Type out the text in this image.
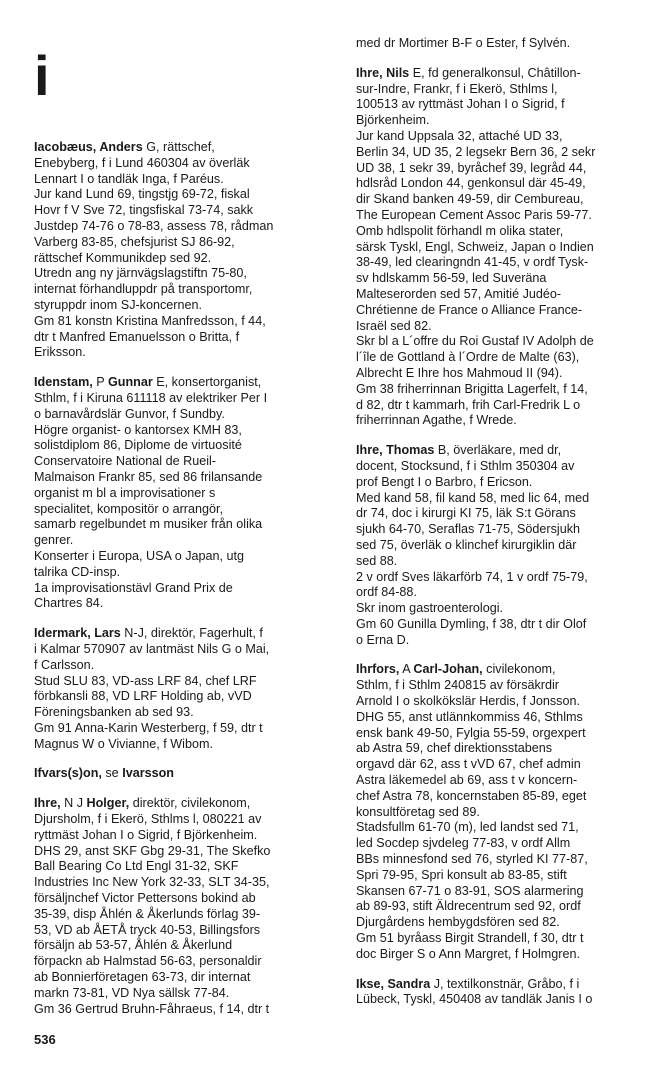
i
Iacobæus, Anders G, rättschef,
Enebyberg, f i Lund 460304 av överläk
Lennart I o tandläk Inga, f Paréus.
Jur kand Lund 69, tingstjg 69-72, fiskal
Hovr f V Sve 72, tingsfiskal 73-74, sakk
Justdep 74-76 o 78-83, assess 78, rådman
Varberg 83-85, chefsjurist SJ 86-92,
rättschef Kommunikdep sed 92.
Utredn ang ny järnvägslagstiftn 75-80,
internat förhandluppdr på transportomr,
styruppdr inom SJ-koncernen.
Gm 81 konstn Kristina Manfredsson, f 44,
dtr t Manfred Emanuelsson o Britta, f
Eriksson.
Idenstam, P Gunnar E, konsertorganist,
Sthlm, f i Kiruna 611118 av elektriker Per I
o barnavårdslär Gunvor, f Sundby.
Högre organist- o kantorsex KMH 83,
solistdiplom 86, Diplome de virtuosité
Conservatoire National de Rueil-
Malmaison Frankr 85, sed 86 frilansande
organist m bl a improvisationer s
specialitet, kompositör o arrangör,
samarb regelbundet m musiker från olika
genrer.
Konserter i Europa, USA o Japan, utg
talrika CD-insp.
1a improvisationstävl Grand Prix de
Chartres 84.
Idermark, Lars N-J, direktör, Fagerhult, f
i Kalmar 570907 av lantmäst Nils G o Mai,
f Carlsson.
Stud SLU 83, VD-ass LRF 84, chef LRF
förbkansli 88, VD LRF Holding ab, vVD
Föreningsbanken ab sed 93.
Gm 91 Anna-Karin Westerberg, f 59, dtr t
Magnus W o Vivianne, f Wibom.
Ifvars(s)on, se Ivarsson
Ihre, N J Holger, direktör, civilekonom,
Djursholm, f i Ekerö, Sthlms l, 080221 av
ryttmäst Johan I o Sigrid, f Björkenheim.
DHS 29, anst SKF Gbg 29-31, The Skefko
Ball Bearing Co Ltd Engl 31-32, SKF
Industries Inc New York 32-33, SLT 34-35,
försäljnchef Victor Pettersons bokind ab
35-39, disp Åhlén & Åkerlunds förlag 39-
53, VD ab ÅETÅ tryck 40-53, Billingsfors
försäljn ab 53-57, Åhlén & Åkerlund
förpackn ab Halmstad 56-63, personaldir
ab Bonnierföretagen 63-73, dir internat
markn 73-81, VD Nya sällsk 77-84.
Gm 36 Gertrud Bruhn-Fåhraeus, f 14, dtr t
med dr Mortimer B-F o Ester, f Sylvén.
Ihre, Nils E, fd generalkonsul, Châtillon-
sur-Indre, Frankr, f i Ekerö, Sthlms l,
100513 av ryttmäst Johan I o Sigrid, f
Björkenheim.
Jur kand Uppsala 32, attaché UD 33,
Berlin 34, UD 35, 2 legsekr Bern 36, 2 sekr
UD 38, 1 sekr 39, byråchef 39, legråd 44,
hdlsråd London 44, genkonsul där 45-49,
dir Skand banken 49-59, dir Cembureau,
The European Cement Assoc Paris 59-77.
Omb hdlspolit förhandl m olika stater,
särsk Tyskl, Engl, Schweiz, Japan o Indien
38-49, led clearingndn 41-45, v ordf Tysk-
sv hdlskamm 56-59, led Suveräna
Malteserorden sed 57, Amitié Judéo-
Chrétienne de France o Alliance France-
Israël sed 82.
Skr bl a L´offre du Roi Gustaf IV Adolph de
l´île de Gottland à l´Ordre de Malte (63),
Albrecht E Ihre hos Mahmoud II (94).
Gm 38 friherrinnan Brigitta Lagerfelt, f 14,
d 82, dtr t kammarh, frih Carl-Fredrik L o
friherrinnan Agathe, f Wrede.
Ihre, Thomas B, överläkare, med dr,
docent, Stocksund, f i Sthlm 350304 av
prof Bengt I o Barbro, f Ericson.
Med kand 58, fil kand 58, med lic 64, med
dr 74, doc i kirurgi KI 75, läk S:t Görans
sjukh 64-70, Seraflas 71-75, Södersjukh
sed 75, överläk o klinchef kirurgiklin där
sed 88.
2 v ordf Sves läkarförb 74, 1 v ordf 75-79,
ordf 84-88.
Skr inom gastroenterologi.
Gm 60 Gunilla Dymling, f 38, dtr t dir Olof
o Erna D.
Ihrfors, A Carl-Johan, civilekonom,
Sthlm, f i Sthlm 240815 av försäkrdir
Arnold I o skolkökslär Herdis, f Jonsson.
DHG 55, anst utlännkommiss 46, Sthlms
ensk bank 49-50, Fylgia 55-59, orgexpert
ab Astra 59, chef direktionsstabens
orgavd där 62, ass t vVD 67, chef admin
Astra läkemedel ab 69, ass t v koncern-
chef Astra 78, koncernstaben 85-89, eget
konsultföretag sed 89.
Stadsfullm 61-70 (m), led landst sed 71,
led Socdep sjvdeleg 77-83, v ordf Allm
BBs minnesfond sed 76, styrled KI 77-87,
Spri 79-95, Spri konsult ab 83-85, stift
Skansen 67-71 o 83-91, SOS alarmering
ab 89-93, stift Äldrecentrum sed 92, ordf
Djurgårdens hembygdsfören sed 82.
Gm 51 byråass Birgit Strandell, f 30, dtr t
doc Birger S o Ann Margret, f Holmgren.
Ikse, Sandra J, textilkonstnär, Gråbo, f i
Lübeck, Tyskl, 450408 av tandläk Janis I o
536
